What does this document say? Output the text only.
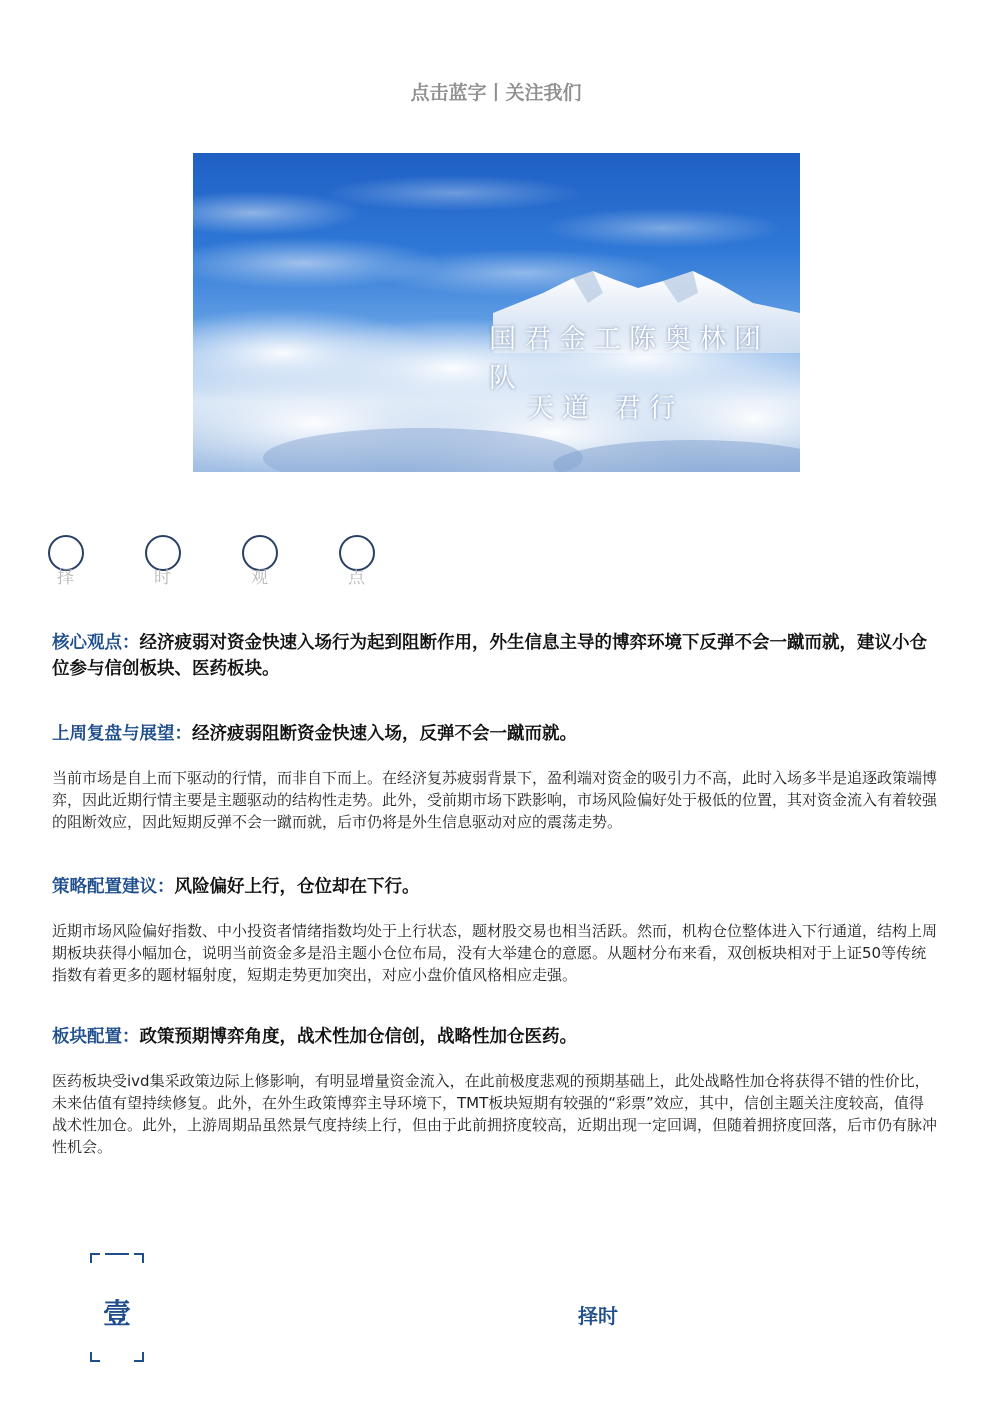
点击蓝字丨关注我们
国君金工陈奥林团队
天道 君行
择	时	观	点
核心观点：经济疲弱对资金快速入场行为起到阻断作用，外生信息主导的博弈环境下反弹不会一蹴而就，建议小仓位参与信创板块、医药板块。
上周复盘与展望：经济疲弱阻断资金快速入场，反弹不会一蹴而就。
当前市场是自上而下驱动的行情，而非自下而上。在经济复苏疲弱背景下，盈利端对资金的吸引力不高，此时入场多半是追逐政策端博弈，因此近期行情主要是主题驱动的结构性走势。此外，受前期市场下跌影响，市场风险偏好处于极低的位置，其对资金流入有着较强的阻断效应，因此短期反弹不会一蹴而就，后市仍将是外生信息驱动对应的震荡走势。
策略配置建议：风险偏好上行，仓位却在下行。
近期市场风险偏好指数、中小投资者情绪指数均处于上行状态，题材股交易也相当活跃。然而，机构仓位整体进入下行通道，结构上周期板块获得小幅加仓，说明当前资金多是沿主题小仓位布局，没有大举建仓的意愿。从题材分布来看，双创板块相对于上证50等传统指数有着更多的题材辐射度，短期走势更加突出，对应小盘价值风格相应走强。
板块配置：政策预期博弈角度，战术性加仓信创，战略性加仓医药。
医药板块受ivd集采政策边际上修影响，有明显增量资金流入，在此前极度悲观的预期基础上，此处战略性加仓将获得不错的性价比，未来估值有望持续修复。此外，在外生政策博弈主导环境下，TMT板块短期有较强的“彩票”效应，其中，信创主题关注度较高，值得战术性加仓。此外，上游周期品虽然景气度持续上行，但由于此前拥挤度较高，近期出现一定回调，但随着拥挤度回落，后市仍有脉冲性机会。
壹	择时
